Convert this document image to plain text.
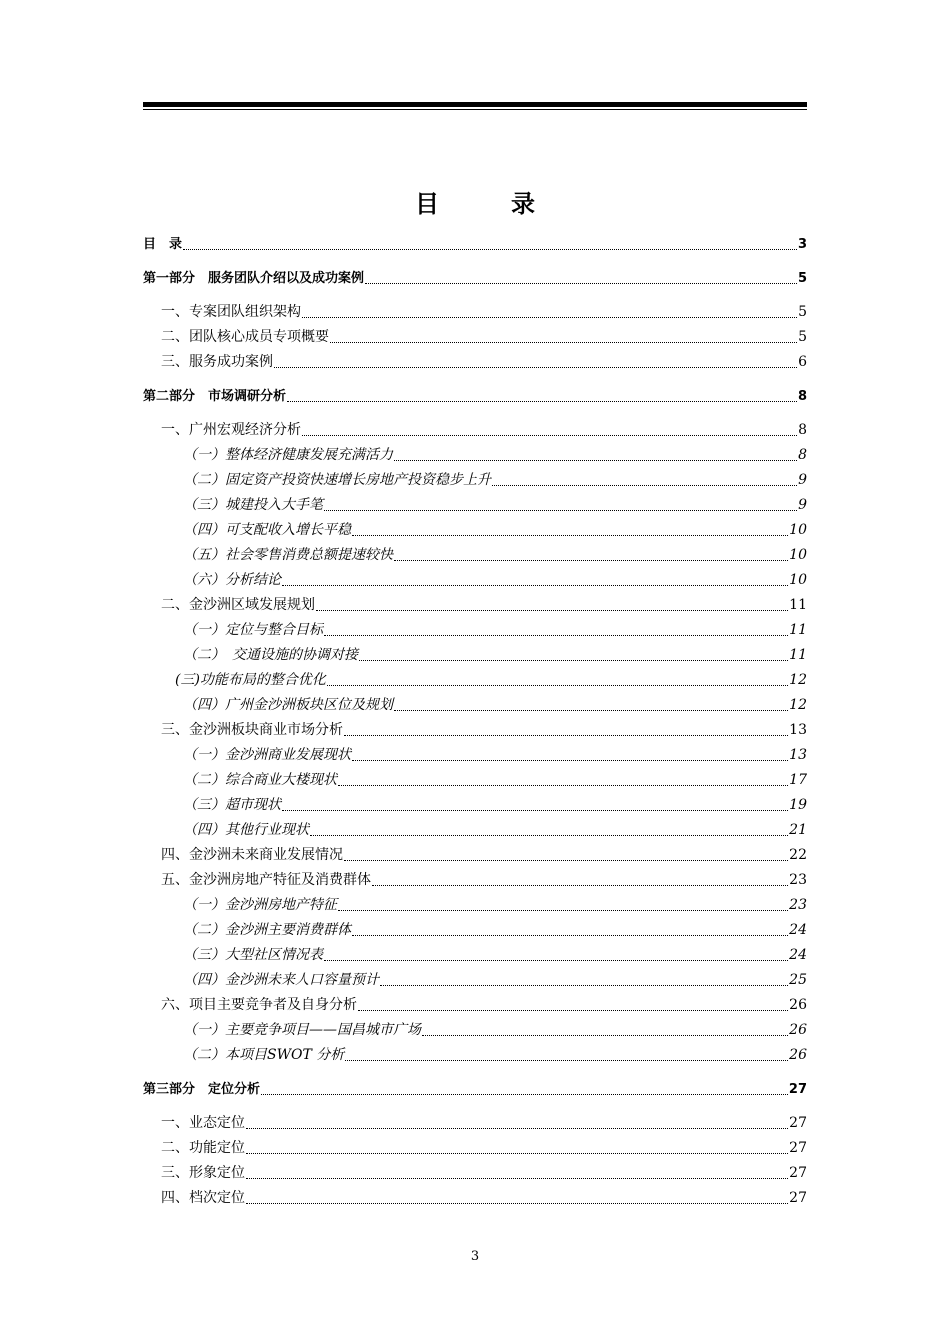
目　录
目　录	3
第一部分　服务团队介绍以及成功案例	5
一、专案团队组织架构	5
二、团队核心成员专项概要	5
三、服务成功案例	6
第二部分　市场调研分析	8
一、广州宏观经济分析	8
（一）整体经济健康发展充满活力	8
（二）固定资产投资快速增长房地产投资稳步上升	9
（三）城建投入大手笔	9
（四）可支配收入增长平稳	10
（五）社会零售消费总额提速较快	10
（六）分析结论	10
二、金沙洲区域发展规划	11
（一）定位与整合目标	11
（二）　交通设施的协调对接	11
(三)功能布局的整合优化	12
（四）广州金沙洲板块区位及规划	12
三、金沙洲板块商业市场分析	13
（一）金沙洲商业发展现状	13
（二）综合商业大楼现状	17
（三）超市现状	19
（四）其他行业现状	21
四、金沙洲未来商业发展情况	22
五、金沙洲房地产特征及消费群体	23
（一）金沙洲房地产特征	23
（二）金沙洲主要消费群体	24
（三）大型社区情况表	24
（四）金沙洲未来人口容量预计	25
六、项目主要竞争者及自身分析	26
（一）主要竞争项目——国昌城市广场	26
（二）本项目SWOT 分析	26
第三部分　定位分析	27
一、业态定位	27
二、功能定位	27
三、形象定位	27
四、档次定位	27
3
